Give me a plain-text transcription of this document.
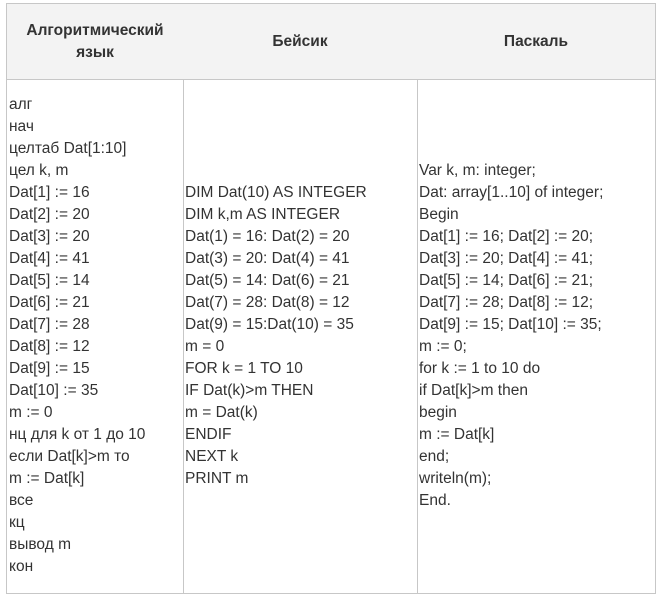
Алгоритмический язык
алг
нач
целтаб Dat[1:10]
цел k, m
Dat[1] := 16
Dat[2] := 20
Dat[3] := 20
Dat[4] := 41
Dat[5] := 14
Dat[6] := 21
Dat[7] := 28
Dat[8] := 12
Dat[9] := 15
Dat[10] := 35
m := 0
нц для k от 1 до 10
если Dat[k]>m то
m := Dat[k]
все
кц
вывод m
кон
Бейсик
DIM Dat(10) AS INTEGER
DIM k,m AS INTEGER
Dat(1) = 16: Dat(2) = 20
Dat(3) = 20: Dat(4) = 41
Dat(5) = 14: Dat(6) = 21
Dat(7) = 28: Dat(8) = 12
Dat(9) = 15:Dat(10) = 35
m = 0
FOR k = 1 TO 10
IF Dat(k)>m THEN
m = Dat(k)
ENDIF
NEXT k
PRINT m
Паскаль
Var k, m: integer;
Dat: array[1..10] of integer;
Begin
Dat[1] := 16; Dat[2] := 20;
Dat[3] := 20; Dat[4] := 41;
Dat[5] := 14; Dat[6] := 21;
Dat[7] := 28; Dat[8] := 12;
Dat[9] := 15; Dat[10] := 35;
m := 0;
for k := 1 to 10 do
if Dat[k]>m then
begin
m := Dat[k]
end;
writeln(m);
End.
